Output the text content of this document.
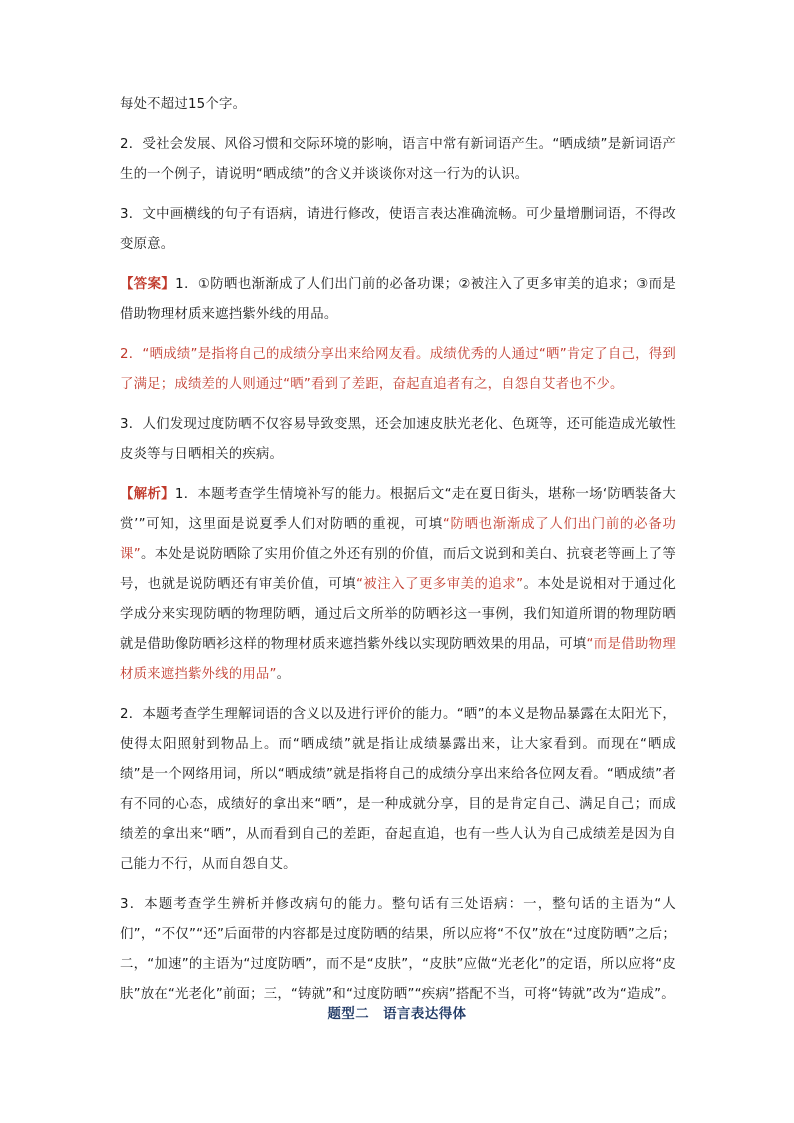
每处不超过15个字。

2．受社会发展、风俗习惯和交际环境的影响，语言中常有新词语产生。“晒成绩”是新词语产生的一个例子，请说明“晒成绩”的含义并谈谈你对这一行为的认识。

3．文中画横线的句子有语病，请进行修改，使语言表达准确流畅。可少量增删词语，不得改变原意。

【答案】1．①防晒也渐渐成了人们出门前的必备功课；②被注入了更多审美的追求；③而是借助物理材质来遮挡紫外线的用品。

2．“晒成绩”是指将自己的成绩分享出来给网友看。成绩优秀的人通过“晒”肯定了自己，得到了满足；成绩差的人则通过“晒”看到了差距，奋起直追者有之，自怨自艾者也不少。

3．人们发现过度防晒不仅容易导致变黑，还会加速皮肤光老化、色斑等，还可能造成光敏性皮炎等与日晒相关的疾病。

【解析】1．本题考查学生情境补写的能力。根据后文“走在夏日街头，堪称一场‘防晒装备大赏’”可知，这里面是说夏季人们对防晒的重视，可填“防晒也渐渐成了人们出门前的必备功课”。本处是说防晒除了实用价值之外还有别的价值，而后文说到和美白、抗衰老等画上了等号，也就是说防晒还有审美价值，可填“被注入了更多审美的追求”。本处是说相对于通过化学成分来实现防晒的物理防晒，通过后文所举的防晒衫这一事例，我们知道所谓的物理防晒就是借助像防晒衫这样的物理材质来遮挡紫外线以实现防晒效果的用品，可填“而是借助物理材质来遮挡紫外线的用品”。

2．本题考查学生理解词语的含义以及进行评价的能力。“晒”的本义是物品暴露在太阳光下，使得太阳照射到物品上。而“晒成绩”就是指让成绩暴露出来，让大家看到。而现在“晒成绩”是一个网络用词，所以“晒成绩”就是指将自己的成绩分享出来给各位网友看。“晒成绩”者有不同的心态，成绩好的拿出来“晒”，是一种成就分享，目的是肯定自己、满足自己；而成绩差的拿出来“晒”，从而看到自己的差距，奋起直追，也有一些人认为自己成绩差是因为自己能力不行，从而自怨自艾。

3．本题考查学生辨析并修改病句的能力。整句话有三处语病：一，整句话的主语为“人们”，“不仅”“还”后面带的内容都是过度防晒的结果，所以应将“不仅”放在“过度防晒”之后；二，“加速”的主语为“过度防晒”，而不是“皮肤”，“皮肤”应做“光老化”的定语，所以应将“皮肤”放在“光老化”前面；三，“铸就”和“过度防晒”“疾病”搭配不当，可将“铸就”改为“造成”。

题型二 语言表达得体
